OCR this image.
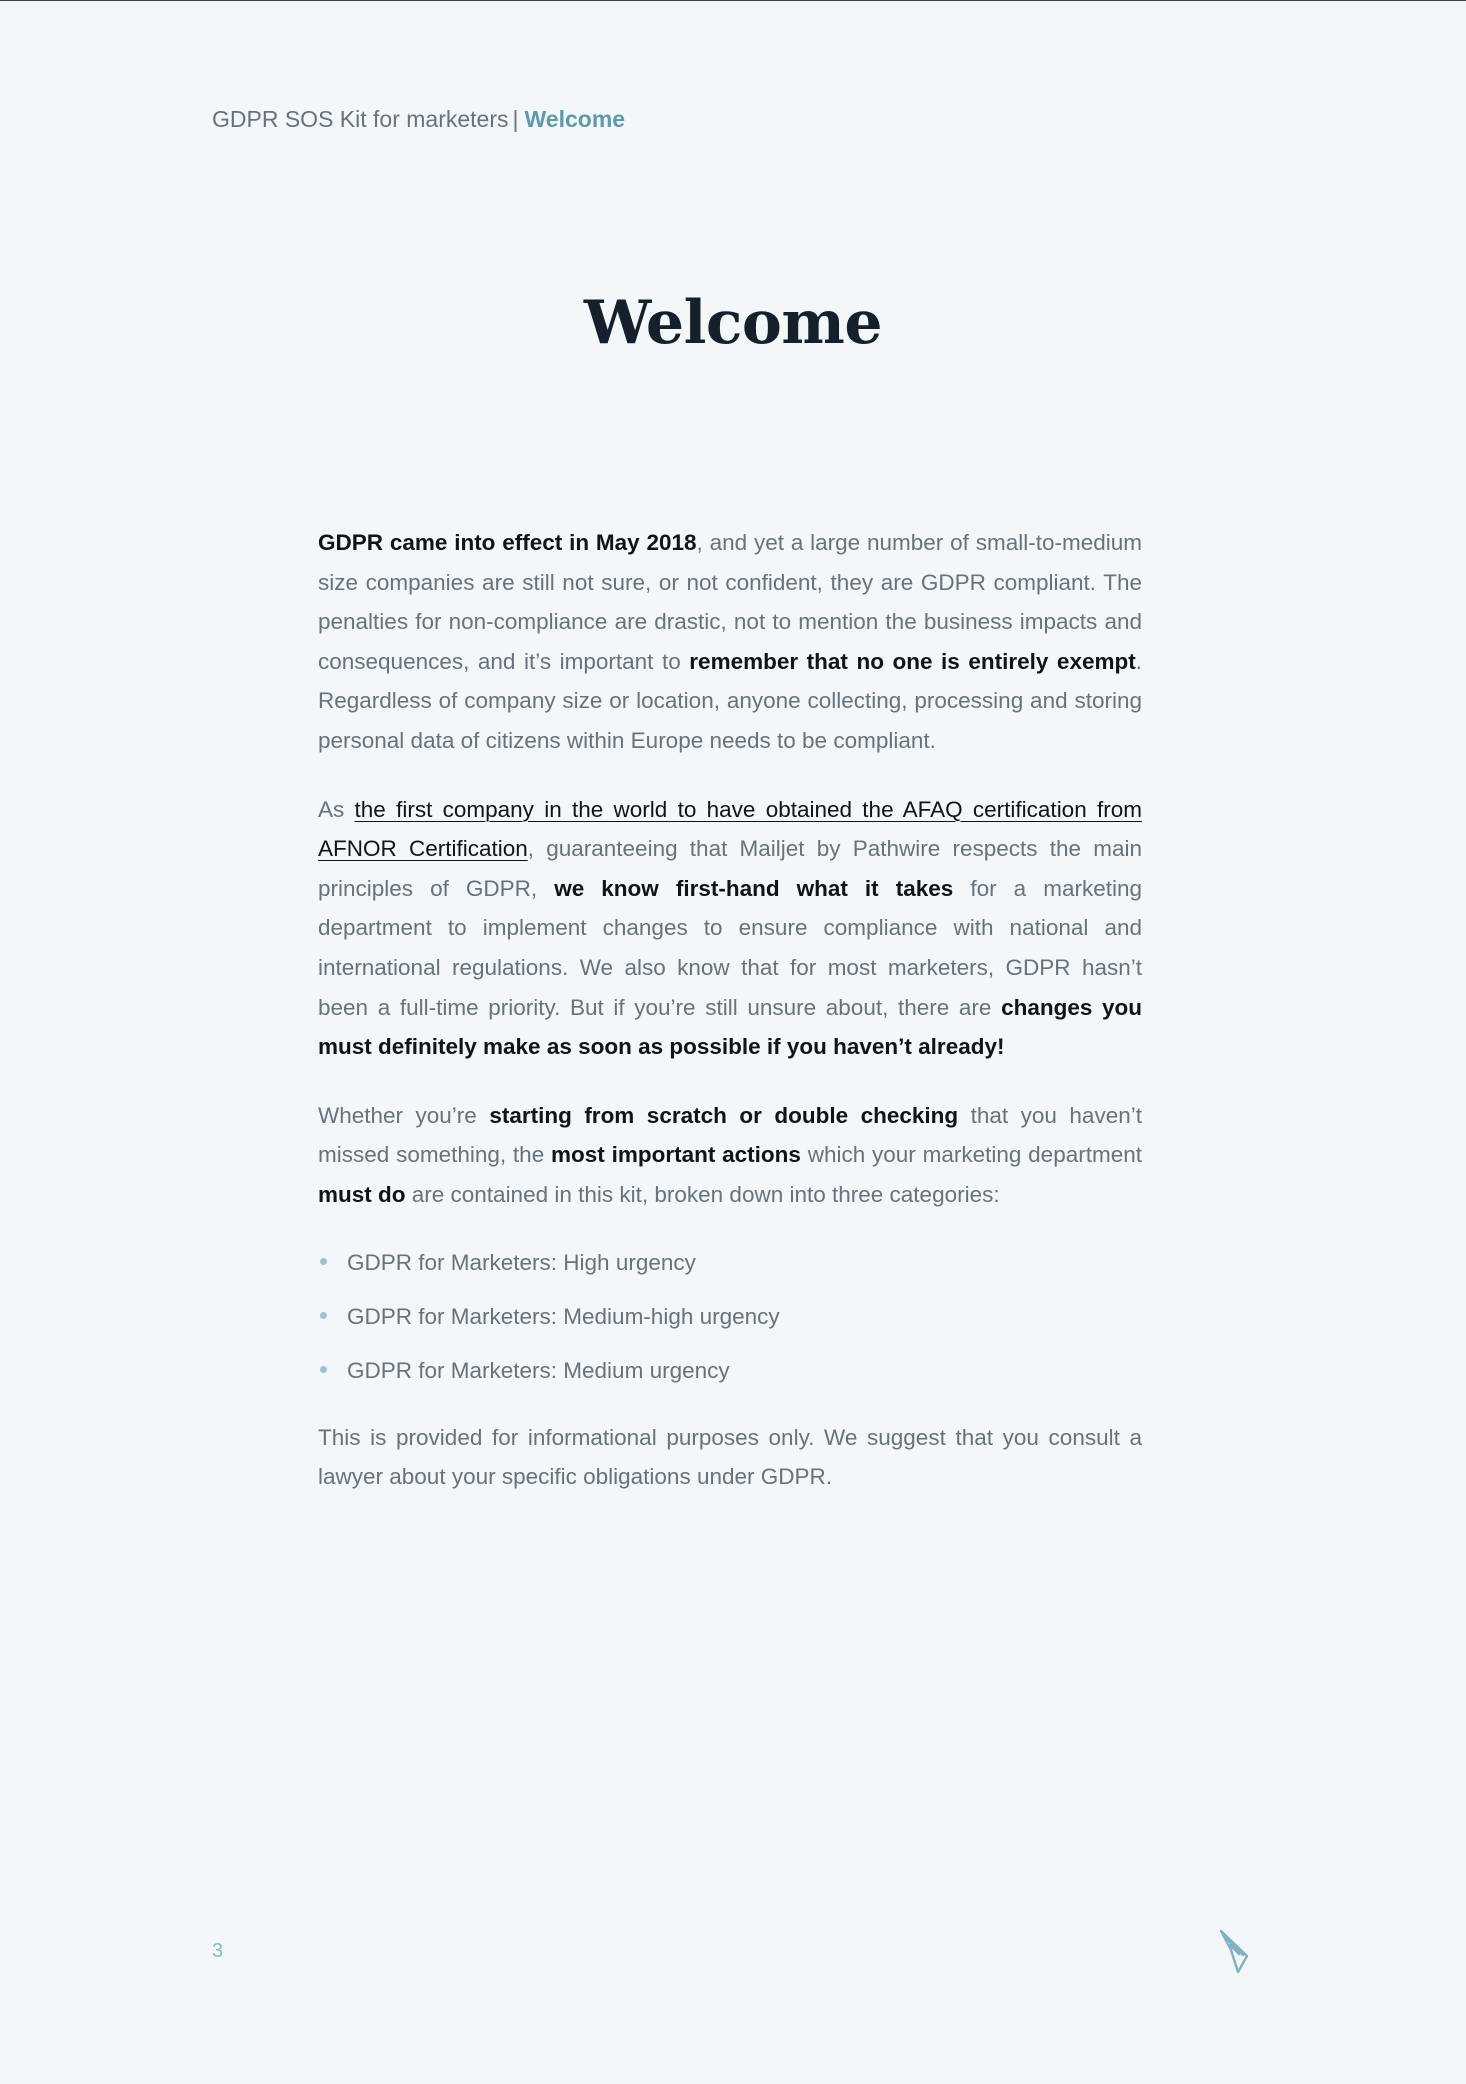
GDPR SOS Kit for marketers | Welcome
Welcome

GDPR came into effect in May 2018, and yet a large number of small-to-medium size companies are still not sure, or not confident, they are GDPR compliant. The penalties for non-compliance are drastic, not to mention the business impacts and consequences, and it’s important to remember that no one is entirely exempt. Regardless of company size or location, anyone collecting, processing and storing personal data of citizens within Europe needs to be compliant.

As the first company in the world to have obtained the AFAQ certification from AFNOR Certification, guaranteeing that Mailjet by Pathwire respects the main principles of GDPR, we know first-hand what it takes for a marketing department to implement changes to ensure compliance with national and international regulations. We also know that for most marketers, GDPR hasn’t been a full-time priority. But if you’re still unsure about, there are changes you must definitely make as soon as possible if you haven’t already!

Whether you’re starting from scratch or double checking that you haven’t missed something, the most important actions which your marketing department must do are contained in this kit, broken down into three categories:

GDPR for Marketers: High urgency
GDPR for Marketers: Medium-high urgency
GDPR for Marketers: Medium urgency

This is provided for informational purposes only. We suggest that you consult a lawyer about your specific obligations under GDPR.

3
